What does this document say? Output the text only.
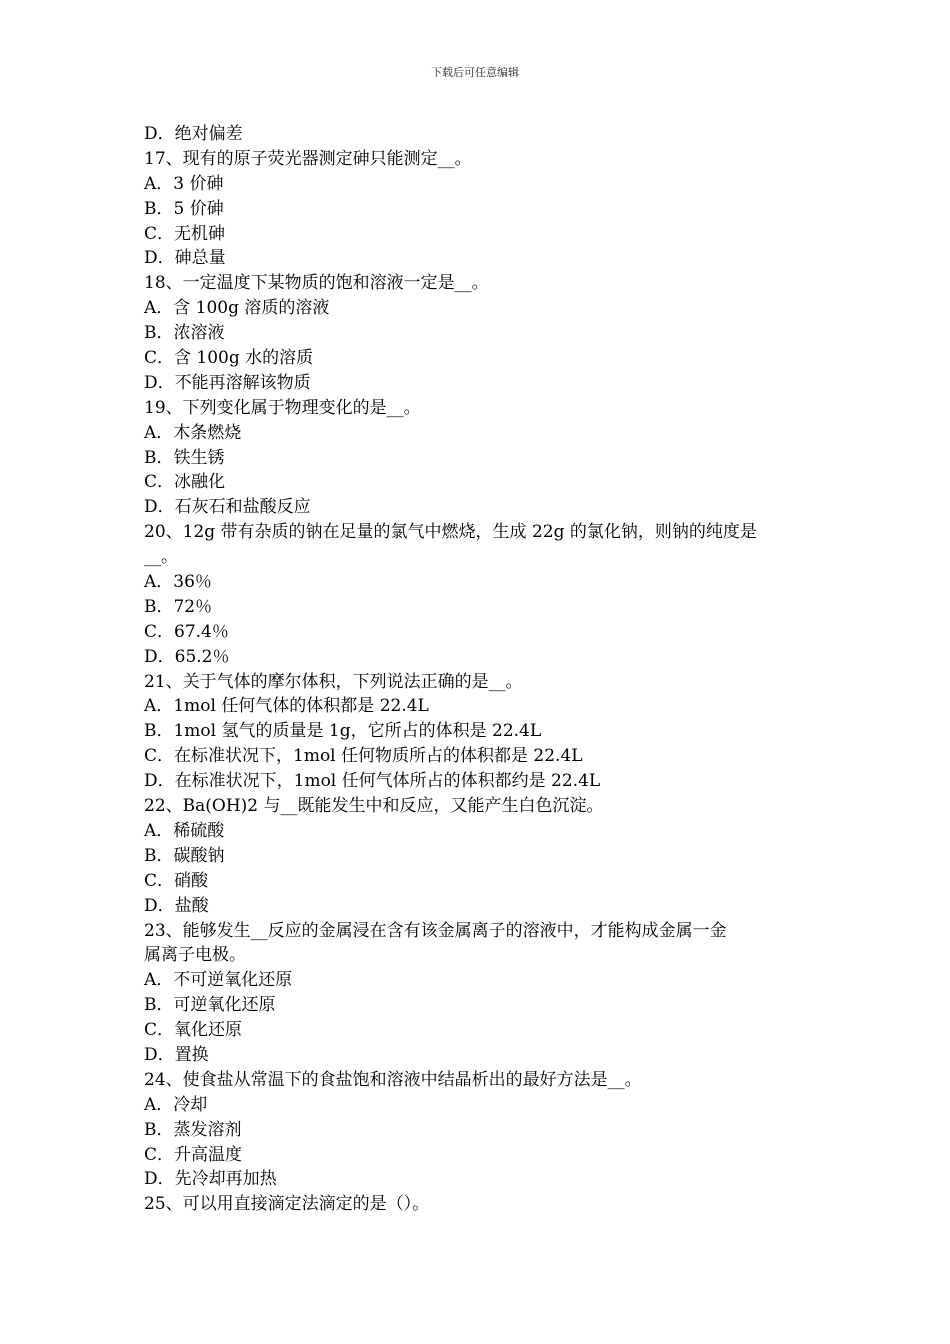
下载后可任意编辑
D．绝对偏差
17、现有的原子荧光器测定砷只能测定__。
A．3 价砷
B．5 价砷
C．无机砷
D．砷总量
18、一定温度下某物质的饱和溶液一定是__。
A．含 100g 溶质的溶液
B．浓溶液
C．含 100g 水的溶质
D．不能再溶解该物质
19、下列变化属于物理变化的是__。
A．木条燃烧
B．铁生锈
C．冰融化
D．石灰石和盐酸反应
20、12g 带有杂质的钠在足量的氯气中燃烧，生成 22g 的氯化钠，则钠的纯度是
__。
A．36％
B．72％
C．67.4％
D．65.2％
21、关于气体的摩尔体积，下列说法正确的是__。
A．1mol 任何气体的体积都是 22.4L
B．1mol 氢气的质量是 1g，它所占的体积是 22.4L
C．在标准状况下，1mol 任何物质所占的体积都是 22.4L
D．在标准状况下，1mol 任何气体所占的体积都约是 22.4L
22、Ba(OH)2 与__既能发生中和反应，又能产生白色沉淀。
A．稀硫酸
B．碳酸钠
C．硝酸
D．盐酸
23、能够发生__反应的金属浸在含有该金属离子的溶液中，才能构成金属一金
属离子电极。
A．不可逆氧化还原
B．可逆氧化还原
C．氧化还原
D．置换
24、使食盐从常温下的食盐饱和溶液中结晶析出的最好方法是__。
A．冷却
B．蒸发溶剂
C．升高温度
D．先冷却再加热
25、可以用直接滴定法滴定的是（）。
